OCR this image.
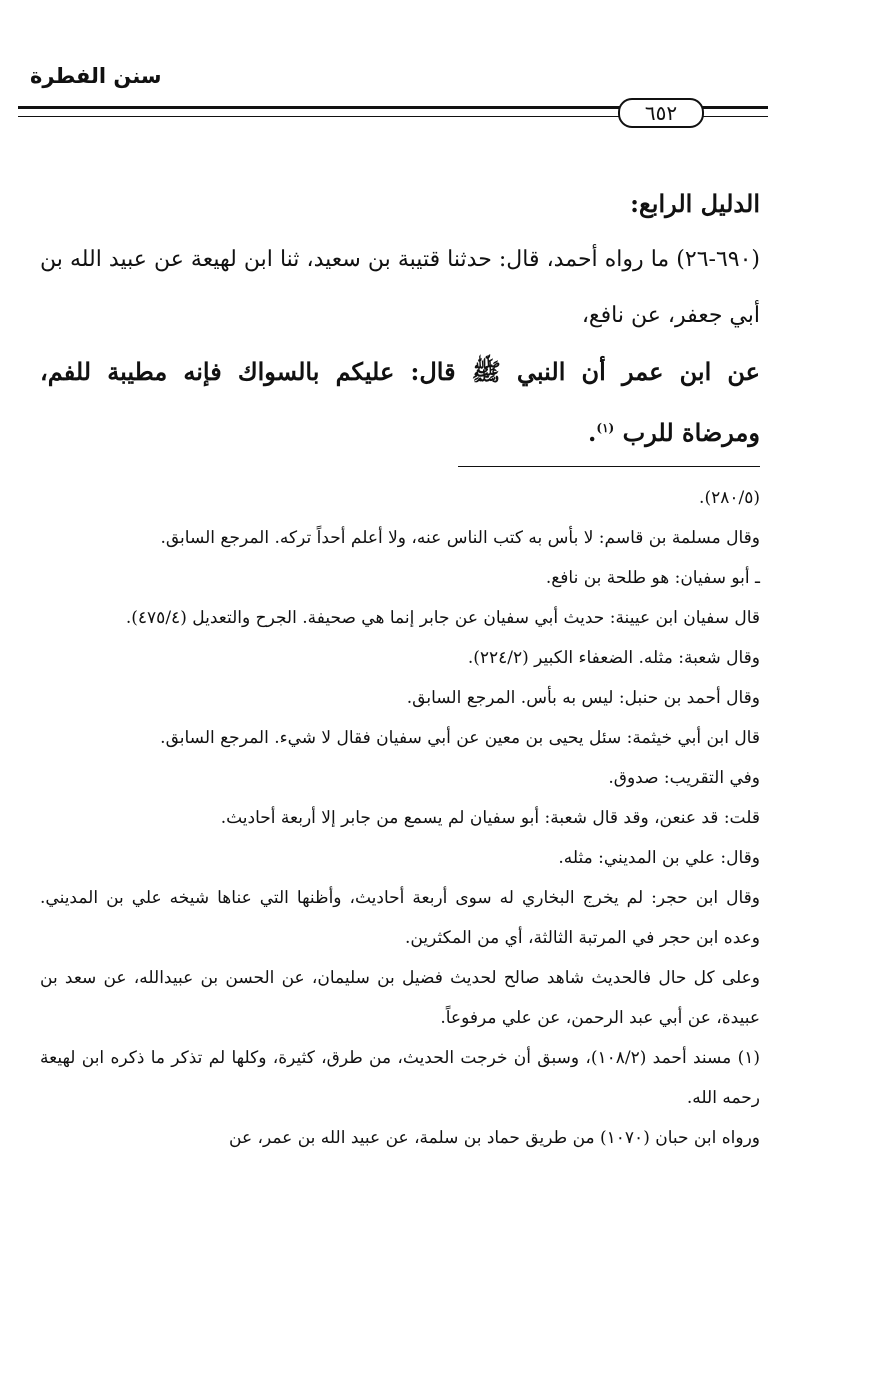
سنن الفطرة
٦٥٢

الدليل الرابع:

(٦٩٠-٢٦) ما رواه أحمد، قال: حدثنا قتيبة بن سعيد، ثنا ابن لهيعة عن عبيد الله بن أبي جعفر، عن نافع،

عن ابن عمر أن النبي ﷺ قال: عليكم بالسواك فإنه مطيبة للفم، ومرضاة للرب $^{(١)}$.

(٢٨٠/٥).

وقال مسلمة بن قاسم: لا بأس به كتب الناس عنه، ولا أعلم أحداً تركه. المرجع السابق.

ـ أبو سفيان: هو طلحة بن نافع.

قال سفيان ابن عيينة: حديث أبي سفيان عن جابر إنما هي صحيفة. الجرح والتعديل (٤٧٥/٤).

وقال شعبة: مثله. الضعفاء الكبير (٢٢٤/٢).

وقال أحمد بن حنبل: ليس به بأس. المرجع السابق.

قال ابن أبي خيثمة: سئل يحيى بن معين عن أبي سفيان فقال لا شيء. المرجع السابق.

وفي التقريب: صدوق.

قلت: قد عنعن، وقد قال شعبة: أبو سفيان لم يسمع من جابر إلا أربعة أحاديث.

وقال: علي بن المديني: مثله.

وقال ابن حجر: لم يخرج البخاري له سوى أربعة أحاديث، وأظنها التي عناها شيخه علي بن المديني. وعده ابن حجر في المرتبة الثالثة، أي من المكثرين.

وعلى كل حال فالحديث شاهد صالح لحديث فضيل بن سليمان، عن الحسن بن عبيدالله، عن سعد بن عبيدة، عن أبي عبد الرحمن، عن علي مرفوعاً.

(١) مسند أحمد (١٠٨/٢)، وسبق أن خرجت الحديث، من طرق، كثيرة، وكلها لم تذكر ما ذكره ابن لهيعة رحمه الله.

ورواه ابن حبان (١٠٧٠) من طريق حماد بن سلمة، عن عبيد الله بن عمر، عن
